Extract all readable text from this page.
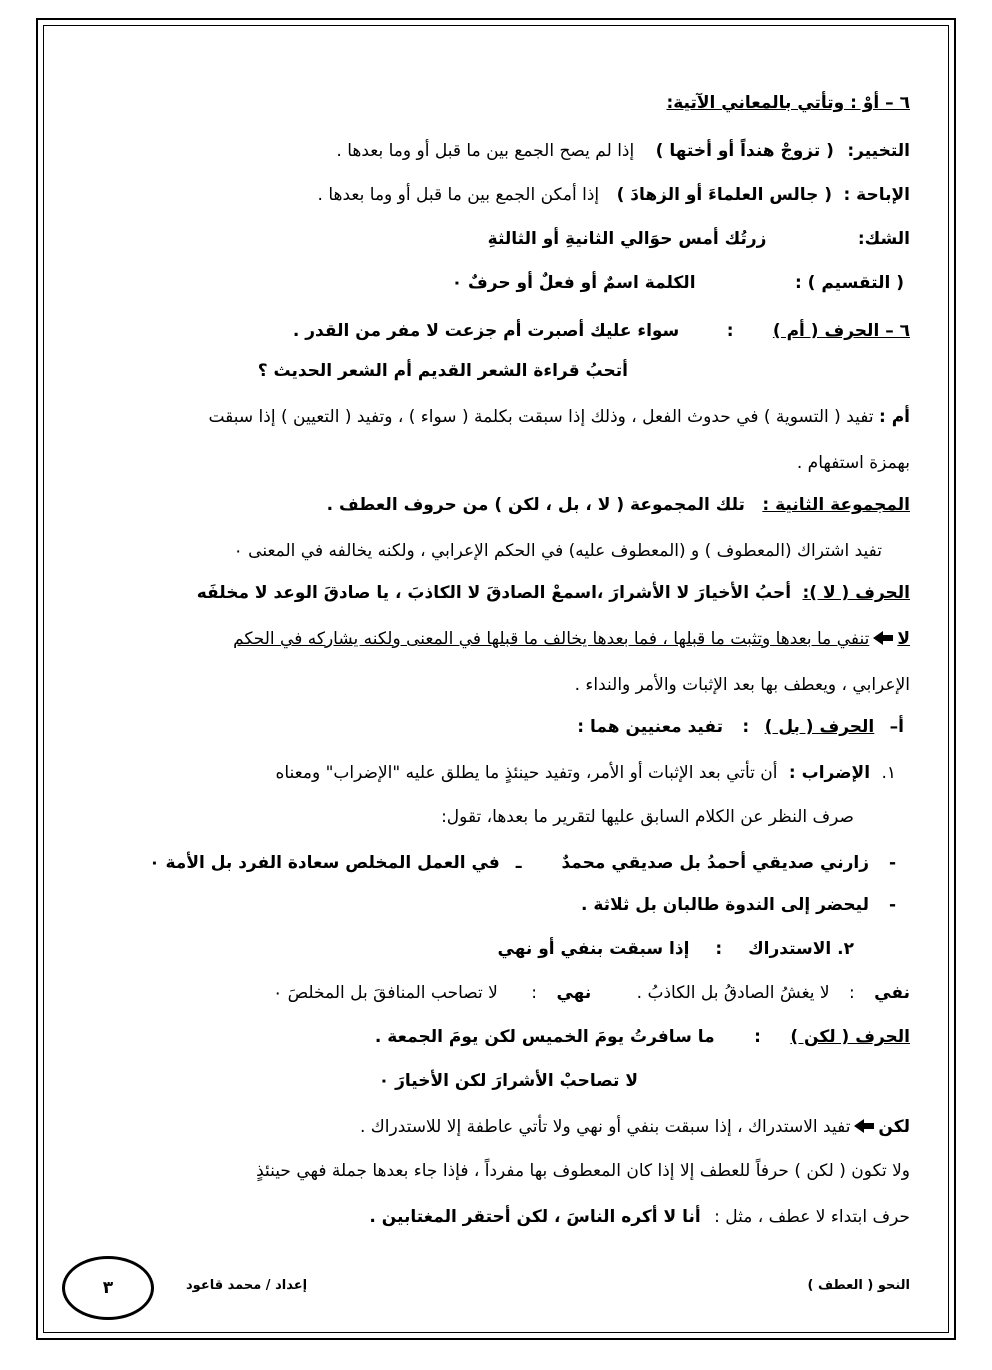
٦ – أوْ : وتأتي بالمعاني الآتية:
التخيير: ( تزوجْ هنداً أو أختها ) إذا لم يصح الجمع بين ما قبل أو وما بعدها .
الإباحة : ( جالس العلماءَ أو الزهادَ ) إذا أمكن الجمع بين ما قبل أو وما بعدها .
الشك: زرتُك أمس حوَالي الثانيةِ أو الثالثةِ
( التقسيم ) : الكلمة اسمٌ أو فعلٌ أو حرفٌ ٠
٦ – الحرف ( أم ) : سواء عليك أصبرت أم جزعت لا مفر من القدر .
أتحبُ قراءة الشعر القديم أم الشعر الحديث ؟
أم : تفيد ( التسوية ) في حدوث الفعل ، وذلك إذا سبقت بكلمة ( سواء ) ، وتفيد ( التعيين ) إذا سبقت
بهمزة استفهام .
المجموعة الثانية : تلك المجموعة ( لا ، بل ، لكن ) من حروف العطف .
تفيد اشتراك (المعطوف ) و (المعطوف عليه) في الحكم الإعرابي ، ولكنه يخالفه في المعنى ٠
الحرف ( لا ): أحبُ الأخيارَ لا الأشرارَ ،اسمعْ الصادقَ لا الكاذبَ ، يا صادقَ الوعد لا مخلفَه
لاتنفي ما بعدها وتثبت ما قبلها ، فما بعدها يخالف ما قبلها في المعنى ولكنه يشاركه في الحكم
الإعرابي ، ويعطف بها بعد الإثبات والأمر والنداء .
أ– الحرف ( بل ) : تفيد معنيين هما :
١. الإضراب : أن تأتي بعد الإثبات أو الأمر، وتفيد حينئذٍ ما يطلق عليه "الإضراب" ومعناه
صرف النظر عن الكلام السابق عليها لتقرير ما بعدها، تقول:
- زارني صديقي أحمدُ بل صديقي محمدٌ ـ في العمل المخلص سعادة الفرد بل الأمة ٠
- ليحضر إلى الندوة طالبان بل ثلاثة .
٢. الاستدراك : إذا سبقت بنفي أو نهي
نفي : لا يغشُ الصادقُ بل الكاذبُ . نهي : لا تصاحب المنافقَ بل المخلصَ ٠
الحرف ( لكن ) : ما سافرتُ يومَ الخميس لكن يومَ الجمعة .
لا تصاحبْ الأشرارَ لكن الأخيارَ ٠
لكنتفيد الاستدراك ، إذا سبقت بنفي أو نهي ولا تأتي عاطفة إلا للاستدراك .
ولا تكون ( لكن ) حرفاً للعطف إلا إذا كان المعطوف بها مفرداً ، فإذا جاء بعدها جملة فهي حينئذٍ
حرف ابتداء لا عطف ، مثل : أنا لا أكره الناسَ ، لكن أحتقر المغتابين .
النحو ( العطف )
إعداد / محمد قاعود
٣
